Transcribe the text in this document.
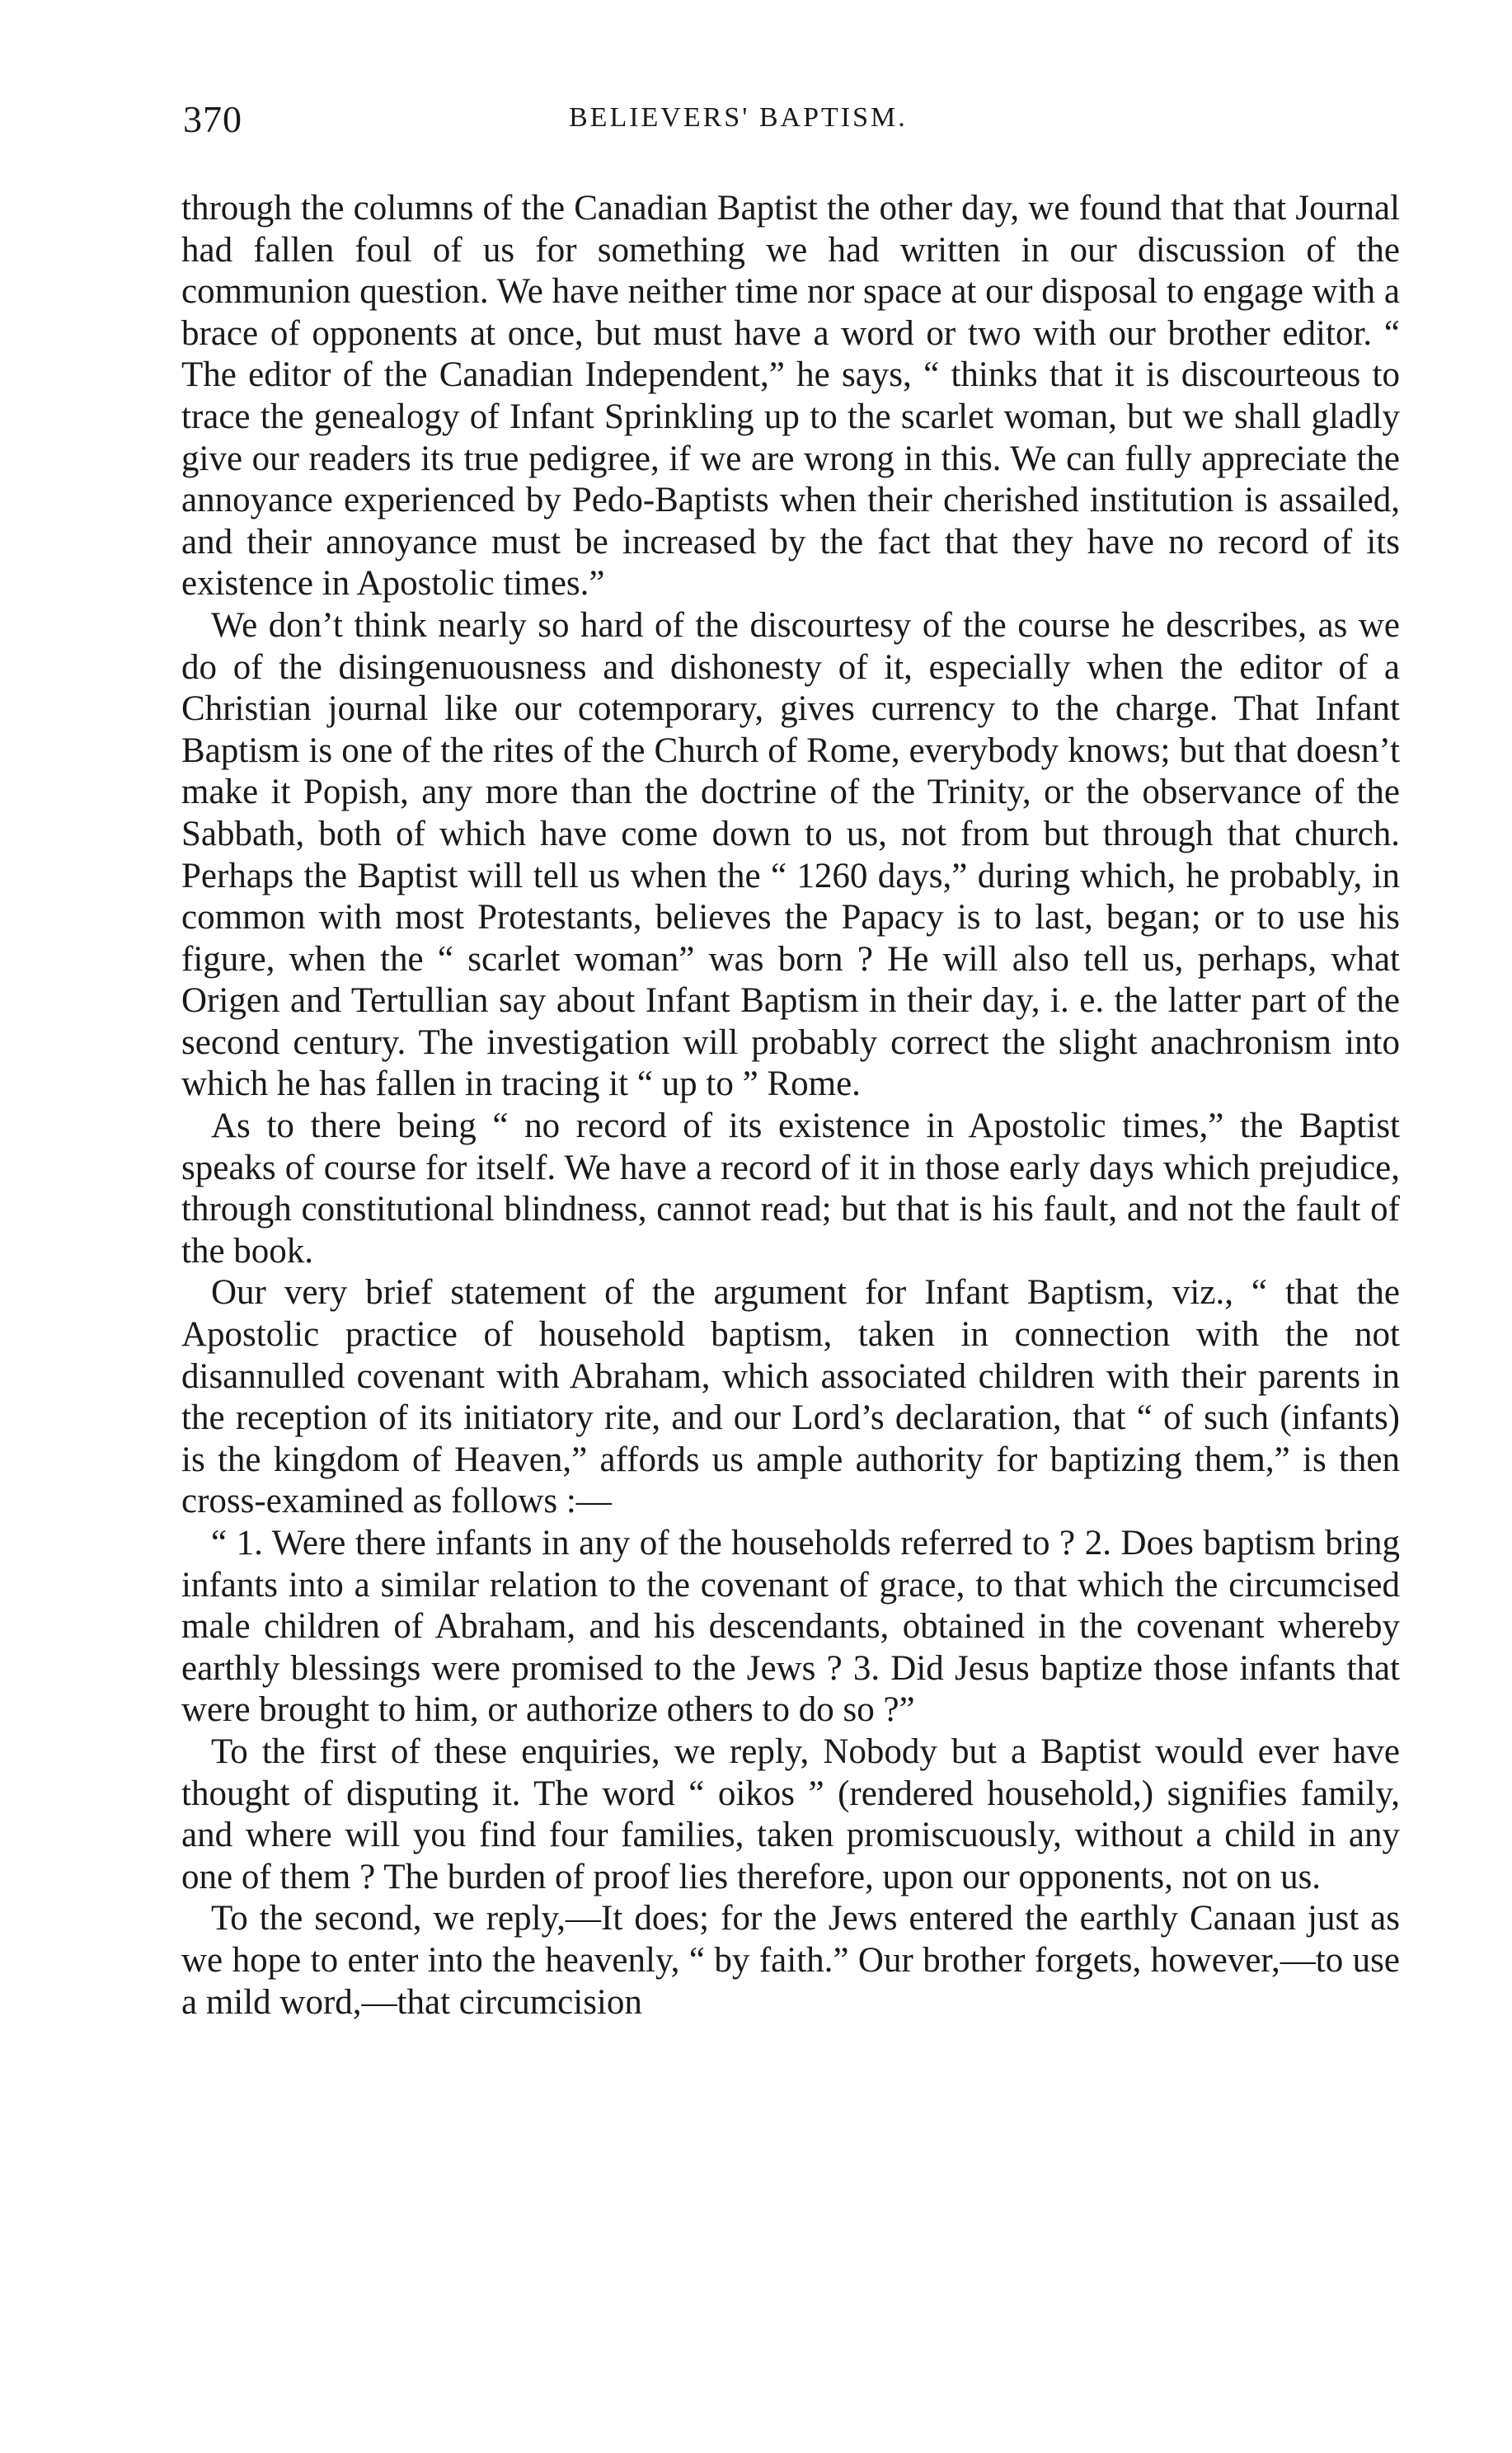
370	BELIEVERS' BAPTISM.

through the columns of the Canadian Baptist the other day, we found that that Journal had fallen foul of us for something we had written in our discussion of the communion question. We have neither time nor space at our disposal to engage with a brace of opponents at once, but must have a word or two with our brother editor. “ The editor of the Canadian Independent,” he says, “ thinks that it is discourteous to trace the genealogy of Infant Sprinkling up to the scarlet woman, but we shall gladly give our readers its true pedigree, if we are wrong in this. We can fully appreciate the annoyance experienced by Pedo-Baptists when their cherished institution is assailed, and their annoyance must be increased by the fact that they have no record of its existence in Apostolic times.”

We don’t think nearly so hard of the discourtesy of the course he describes, as we do of the disingenuousness and dishonesty of it, especially when the editor of a Christian journal like our cotemporary, gives currency to the charge. That Infant Baptism is one of the rites of the Church of Rome, everybody knows; but that doesn’t make it Popish, any more than the doctrine of the Trinity, or the observance of the Sabbath, both of which have come down to us, not from but through that church. Perhaps the Baptist will tell us when the “ 1260 days,” during which, he probably, in common with most Protestants, believes the Papacy is to last, began; or to use his figure, when the “ scarlet woman” was born ? He will also tell us, perhaps, what Origen and Tertullian say about Infant Baptism in their day, i. e. the latter part of the second century. The investigation will probably correct the slight anachronism into which he has fallen in tracing it “ up to ” Rome.

As to there being “ no record of its existence in Apostolic times,” the Baptist speaks of course for itself. We have a record of it in those early days which prejudice, through constitutional blindness, cannot read; but that is his fault, and not the fault of the book.

Our very brief statement of the argument for Infant Baptism, viz., “ that the Apostolic practice of household baptism, taken in connection with the not disannulled covenant with Abraham, which associated children with their parents in the reception of its initiatory rite, and our Lord’s declaration, that “ of such (infants) is the kingdom of Heaven,” affords us ample authority for baptizing them,” is then cross-examined as follows :—

“ 1. Were there infants in any of the households referred to ? 2. Does baptism bring infants into a similar relation to the covenant of grace, to that which the circumcised male children of Abraham, and his descendants, obtained in the covenant whereby earthly blessings were promised to the Jews ? 3. Did Jesus baptize those infants that were brought to him, or authorize others to do so ?”

To the first of these enquiries, we reply, Nobody but a Baptist would ever have thought of disputing it. The word “ oikos ” (rendered household,) signifies family, and where will you find four families, taken promiscuously, without a child in any one of them ? The burden of proof lies therefore, upon our opponents, not on us.

To the second, we reply,—It does; for the Jews entered the earthly Canaan just as we hope to enter into the heavenly, “ by faith.” Our brother forgets, however,—to use a mild word,—that circumcision
